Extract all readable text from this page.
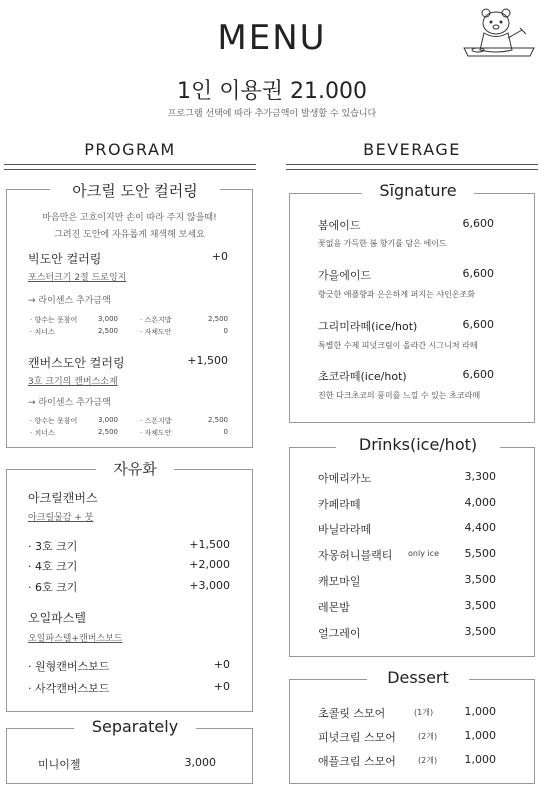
MENU
1인 이용권 21.000
프로그램 선택에 따라 추가금액이 발생할 수 있습니다
PROGRAM	BEVERAGE
아크릴 도안 컬러링
마음만은 고흐이지만 손이 따라 주지 않을때!
그려진 도안에 자유롭게 채색해 보세요
빅도안 컬러링	+0
포스터크기 2절 드로잉지
→ 라이센스 추가금액
· 향수는 못참어	3,000	· 스폰지밥	2,500
· 치너스	2,500	· 자체도안	0
캔버스도안 컬러링	+1,500
3호 크기의 캔버스소재
→ 라이센스 추가금액
· 향수는 못참어	3,000	· 스폰지밥	2,500
· 치너스	2,500	· 자체도안	0
자유화
아크릴캔버스
아크릴물감 + 붓
· 3호 크기	+1,500
· 4호 크기	+2,000
· 6호 크기	+3,000
오일파스텔
오일파스텔+캔버스보드
· 원형캔버스보드	+0
· 사각캔버스보드	+0
Separately
미니이젤	3,000
Sīgnature
봄에이드	6,600
꽃없음 가득한 봄 향기를 담은 에이드
가을에이드	6,600
향긋한 애플향과 은은하게 퍼지는 샤인온조화
그리미라떼(ice/hot)	6,600
특별한 수제 피넛크림이 올라간 시그니처 라떼
초코라떼(ice/hot)	6,600
진한 다크초코의 풍미를 느낄 수 있는 초코라떼
Drīnks(ice/hot)
아메리카노	3,300
카페라떼	4,000
바닐라라떼	4,400
자몽허니블랙티 only ice	5,500
캐모마일	3,500
레몬밤	3,500
얼그레이	3,500
Dessert
초콜릿 스모어	(1개)	1,000
피넛크림 스모어	(2개)	1,000
애플크림 스모어	(2개)	1,000
